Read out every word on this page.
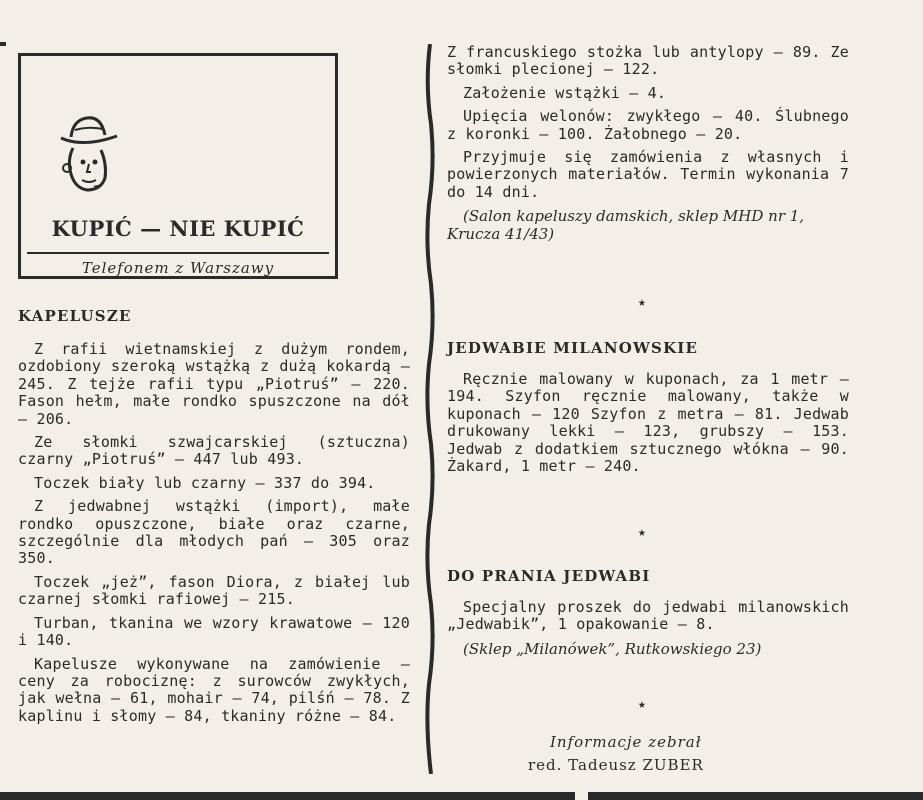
KUPIĆ — NIE KUPIĆ
Telefonem z Warszawy

KAPELUSZE

Z rafii wietnamskiej z dużym rondem, ozdobiony szeroką wstążką z dużą kokardą — 245. Z tejże rafii typu „Piotruś” — 220. Fason hełm, małe rondko spuszczone na dół — 206.

Ze słomki szwajcarskiej (sztuczna) czarny „Piotruś” — 447 lub 493.

Toczek biały lub czarny — 337 do 394.

Z jedwabnej wstążki (import), małe rondko opuszczone, białe oraz czarne, szczególnie dla młodych pań — 305 oraz 350.

Toczek „jeż”, fason Diora, z białej lub czarnej słomki rafiowej — 215.

Turban, tkanina we wzory krawatowe — 120 i 140.

Kapelusze wykonywane na zamówienie — ceny za robociznę: z surowców zwykłych, jak wełna — 61, mohair — 74, pilśń — 78. Z kaplinu i słomy — 84, tkaniny różne — 84.

Z francuskiego stożka lub antylopy — 89. Ze słomki plecionej — 122.

Założenie wstążki — 4.

Upięcia welonów: zwykłego — 40. Ślubnego z koronki — 100. Żałobnego — 20.

Przyjmuje się zamówienia z własnych i powierzonych materiałów. Termin wykonania 7 do 14 dni.

(Salon kapeluszy damskich, sklep MHD nr 1, Krucza 41/43)

★

JEDWABIE MILANOWSKIE

Ręcznie malowany w kuponach, za 1 metr — 194. Szyfon ręcznie malowany, także w kuponach — 120 Szyfon z metra — 81. Jedwab drukowany lekki — 123, grubszy — 153. Jedwab z dodatkiem sztucznego włókna — 90. Żakard, 1 metr — 240.

★

DO PRANIA JEDWABI

Specjalny proszek do jedwabi milanowskich „Jedwabik”, 1 opakowanie — 8.

(Sklep „Milanówek”, Rutkowskiego 23)

★
Informacje zebrał
red. Tadeusz ZUBER
